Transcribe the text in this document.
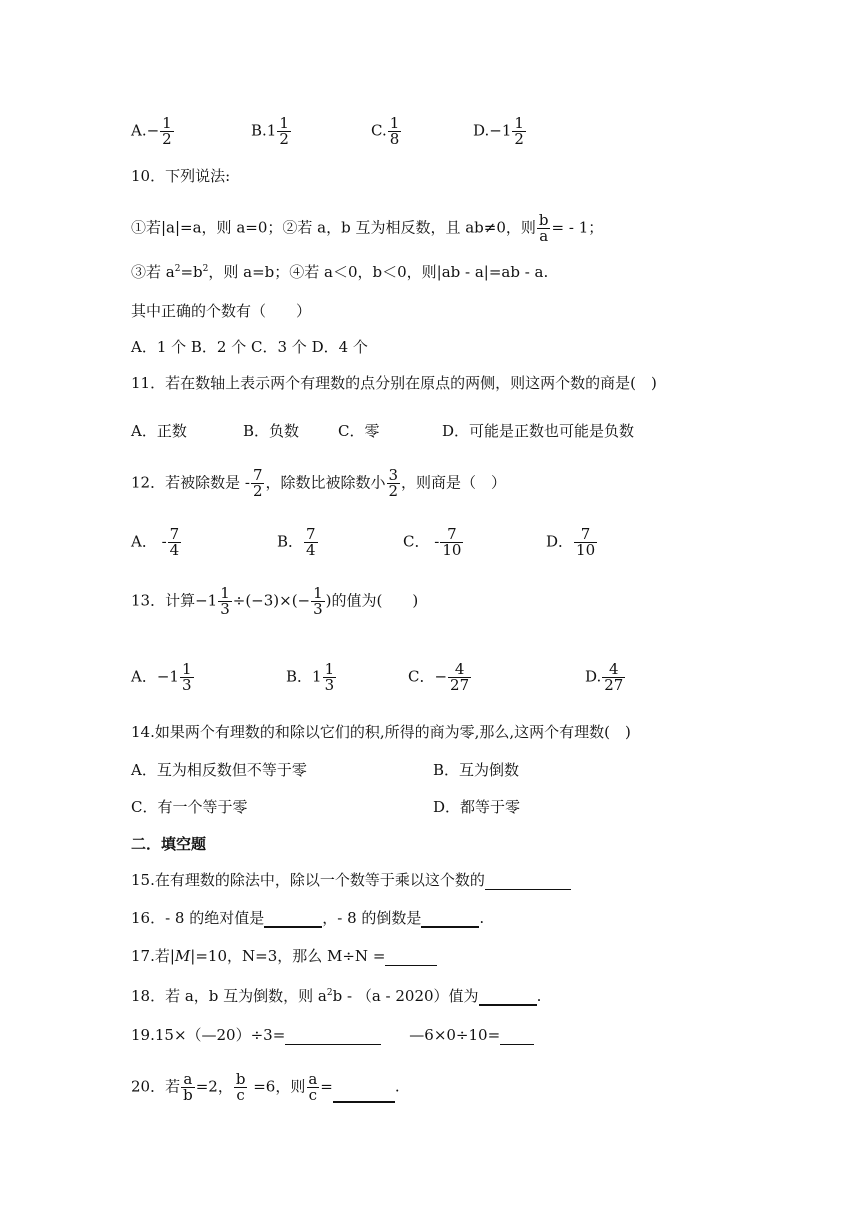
$A.- \frac{1}{2}$	$B.1 \frac{1}{2}$	C. $\frac{1}{8}$	$D.-1 \frac{1}{2}$
10．下列说法:
①若|a|=a，则 a=0；②若 a，b 互为相反数，且 ab≠0，则 $\frac{b}{a}$ = - 1；
③若 $a^2=b^2$，则 a=b；④若 a＜0，b＜0，则|ab - a|=ab - a.
其中正确的个数有（　　）
A．1 个 B．2 个 C．3 个 D．4 个
11．若在数轴上表示两个有理数的点分别在原点的两侧，则这两个数的商是(　)
A．正数	B．负数	C．零	D．可能是正数也可能是负数
12．若被除数是 - $\frac{7}{2}$ ，除数比被除数小 $\frac{3}{2}$ ，则商是（　）
A． - $\frac{7}{4}$	B． $\frac{7}{4}$	C． - $\frac{7}{10}$	D． $\frac{7}{10}$
13．计算$-1 \frac{1}{3} \div(-3)\times(- \frac{1}{3}$ )的值为(　　)
A．$-1 \frac{1}{3}$	B．$1 \frac{1}{3}$	C．− $\frac{4}{27}$	D. $\frac{4}{27}$
14.如果两个有理数的和除以它们的积,所得的商为零,那么,这两个有理数(　)
A．互为相反数但不等于零	B．互为倒数
C．有一个等于零	D．都等于零
二．填空题
15.在有理数的除法中，除以一个数等于乘以这个数的
16．- 8 的绝对值是	，- 8 的倒数是	.
17.若|M|=10，N=3，那么 M÷N =
18．若 a，b 互为倒数，则 $a^2b - (a - 2020)$值为	.
19.15×（—20）÷3=	—6×0÷10=
20．若 $\frac{a}{b} =2$， $\frac{b}{c} =6$，则 $\frac{a}{c}$ =	.
